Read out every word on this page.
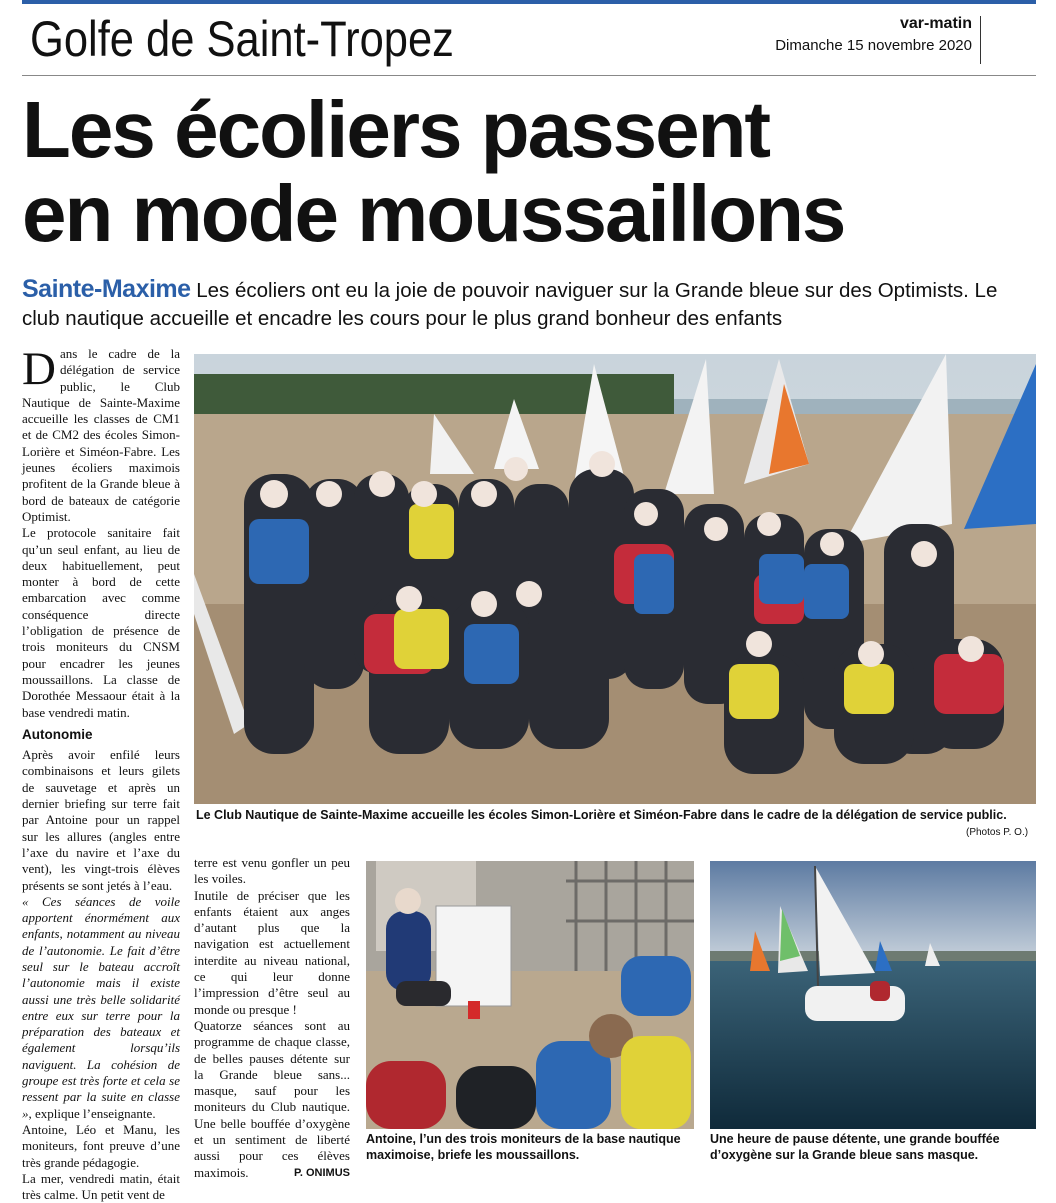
Golfe de Saint-Tropez	var-matin
Dimanche 15 novembre 2020
Les écoliers passent
en mode moussaillons
Sainte-Maxime Les écoliers ont eu la joie de pouvoir naviguer sur la Grande bleue sur des Optimists. Le club nautique accueille et encadre les cours pour le plus grand bonheur des enfants

Dans le cadre de la délégation de service public, le Club Nautique de Sainte-Maxime accueille les classes de CM1 et de CM2 des écoles Simon-Lorière et Siméon-Fabre. Les jeunes écoliers maximois profitent de la Grande bleue à bord de bateaux de catégorie Optimist.

Le protocole sanitaire fait qu’un seul enfant, au lieu de deux habituellement, peut monter à bord de cette embarcation avec comme conséquence directe l’obligation de présence de trois moniteurs du CNSM pour encadrer les jeunes moussaillons. La classe de Dorothée Messaour était à la base vendredi matin.

Autonomie

Après avoir enfilé leurs combinaisons et leurs gilets de sauvetage et après un dernier briefing sur terre fait par Antoine pour un rappel sur les allures (angles entre l’axe du navire et l’axe du vent), les vingt-trois élèves présents se sont jetés à l’eau.

« Ces séances de voile apportent énormément aux enfants, notamment au niveau de l’autonomie. Le fait d’être seul sur le bateau accroît l’autonomie mais il existe aussi une très belle solidarité entre eux sur terre pour la préparation des bateaux et également lorsqu’ils naviguent. La cohésion de groupe est très forte et cela se ressent par la suite en classe », explique l’enseignante.

Antoine, Léo et Manu, les moniteurs, font preuve d’une très grande pédagogie.

La mer, vendredi matin, était très calme. Un petit vent de

terre est venu gonfler un peu les voiles.

Inutile de préciser que les enfants étaient aux anges d’autant plus que la navigation est actuellement interdite au niveau national, ce qui leur donne l’impression d’être seul au monde ou presque !

Quatorze séances sont au programme de chaque classe, de belles pauses détente sur la Grande bleue sans... masque, sauf pour les moniteurs du Club nautique. Une belle bouffée d’oxygène et un sentiment de liberté aussi pour ces élèves maximois.	P. ONIMUS

Le Club Nautique de Sainte-Maxime accueille les écoles Simon-Lorière et Siméon-Fabre dans le cadre de la délégation de service public.
(Photos P. O.)
Antoine, l’un des trois moniteurs de la base nautique maximoise, briefe les moussaillons.
Une heure de pause détente, une grande bouffée d’oxygène sur la Grande bleue sans masque.
